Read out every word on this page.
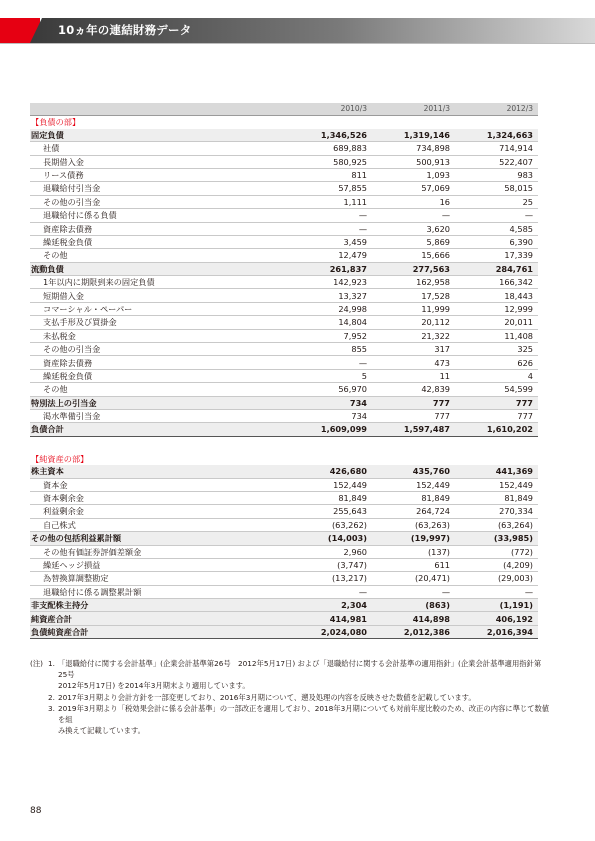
10ヵ年の連結財務データ
	2010/3	2011/3	2012/3
【負債の部】			
固定負債	1,346,526	1,319,146	1,324,663
社債	689,883	734,898	714,914
長期借入金	580,925	500,913	522,407
リース債務	811	1,093	983
退職給付引当金	57,855	57,069	58,015
その他の引当金	1,111	16	25
退職給付に係る負債	—	—	—
資産除去債務	—	3,620	4,585
繰延税金負債	3,459	5,869	6,390
その他	12,479	15,666	17,339
流動負債	261,837	277,563	284,761
1年以内に期限到来の固定負債	142,923	162,958	166,342
短期借入金	13,327	17,528	18,443
コマーシャル・ペーパー	24,998	11,999	12,999
支払手形及び買掛金	14,804	20,112	20,011
未払税金	7,952	21,322	11,408
その他の引当金	855	317	325
資産除去債務	—	473	626
繰延税金負債	5	11	4
その他	56,970	42,839	54,599
特別法上の引当金	734	777	777
渇水準備引当金	734	777	777
負債合計	1,609,099	1,597,487	1,610,202

【純資産の部】			
株主資本	426,680	435,760	441,369
資本金	152,449	152,449	152,449
資本剰余金	81,849	81,849	81,849
利益剰余金	255,643	264,724	270,334
自己株式	(63,262)	(63,263)	(63,264)
その他の包括利益累計額	(14,003)	(19,997)	(33,985)
その他有価証券評価差額金	2,960	(137)	(772)
繰延ヘッジ損益	(3,747)	611	(4,209)
為替換算調整勘定	(13,217)	(20,471)	(29,003)
退職給付に係る調整累計額	—	—	—
非支配株主持分	2,304	(863)	(1,191)
純資産合計	414,981	414,898	406,192
負債純資産合計	2,024,080	2,012,386	2,016,394
(注) 1. 「退職給付に関する会計基準」(企業会計基準第26号　2012年5月17日) および「退職給付に関する会計基準の適用指針」(企業会計基準適用指針第25号
2012年5月17日) を2014年3月期末より適用しています。
2. 2017年3月期より会計方針を一部変更しており、2016年3月期について、遡及処理の内容を反映させた数値を記載しています。
3. 2019年3月期より「税効果会計に係る会計基準」の一部改正を適用しており、2018年3月期についても対前年度比較のため、改正の内容に準じて数値を組
み換えて記載しています。
88
